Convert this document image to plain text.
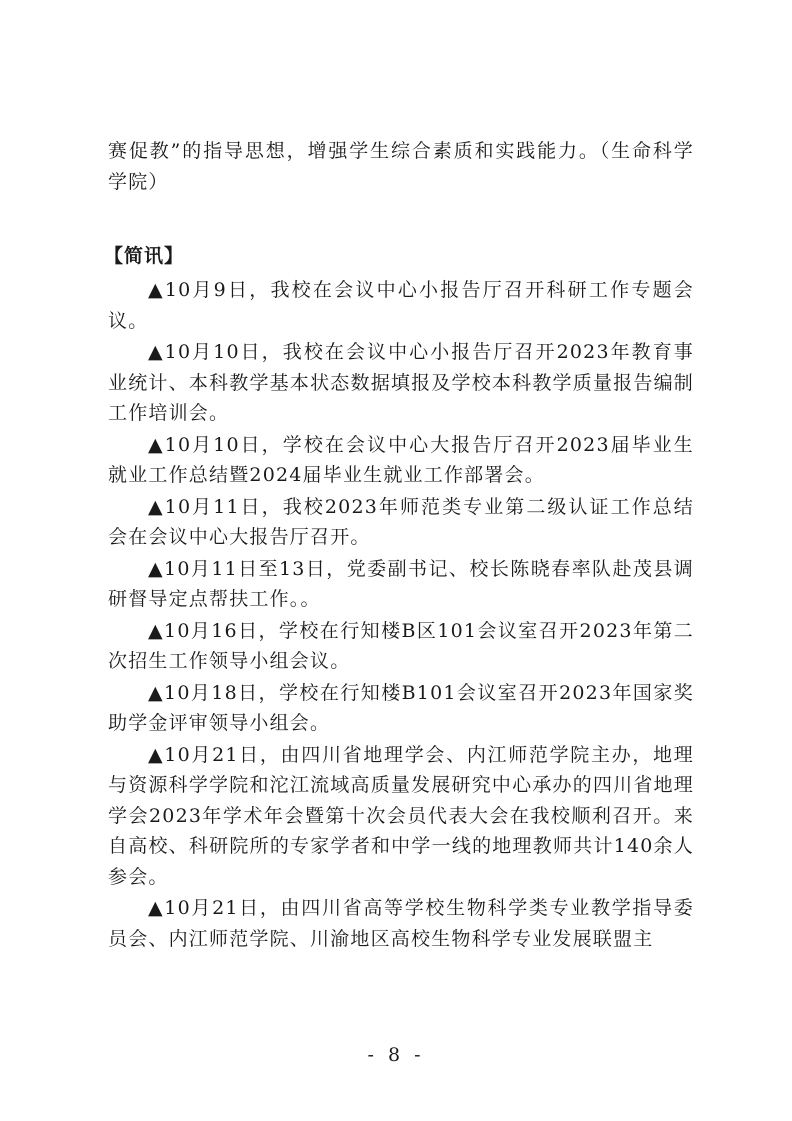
赛促教”的指导思想，增强学生综合素质和实践能力。（生命科学学院）

【简讯】
▲10月9日，我校在会议中心小报告厅召开科研工作专题会议。
▲10月10日，我校在会议中心小报告厅召开2023年教育事业统计、本科教学基本状态数据填报及学校本科教学质量报告编制工作培训会。
▲10月10日，学校在会议中心大报告厅召开2023届毕业生就业工作总结暨2024届毕业生就业工作部署会。
▲10月11日，我校2023年师范类专业第二级认证工作总结会在会议中心大报告厅召开。
▲10月11日至13日，党委副书记、校长陈晓春率队赴茂县调研督导定点帮扶工作。。
▲10月16日，学校在行知楼B区101会议室召开2023年第二次招生工作领导小组会议。
▲10月18日，学校在行知楼B101会议室召开2023年国家奖助学金评审领导小组会。
▲10月21日，由四川省地理学会、内江师范学院主办，地理与资源科学学院和沱江流域高质量发展研究中心承办的四川省地理学会2023年学术年会暨第十次会员代表大会在我校顺利召开。来自高校、科研院所的专家学者和中学一线的地理教师共计140余人参会。
▲10月21日，由四川省高等学校生物科学类专业教学指导委员会、内江师范学院、川渝地区高校生物科学专业发展联盟主
- 8 -
